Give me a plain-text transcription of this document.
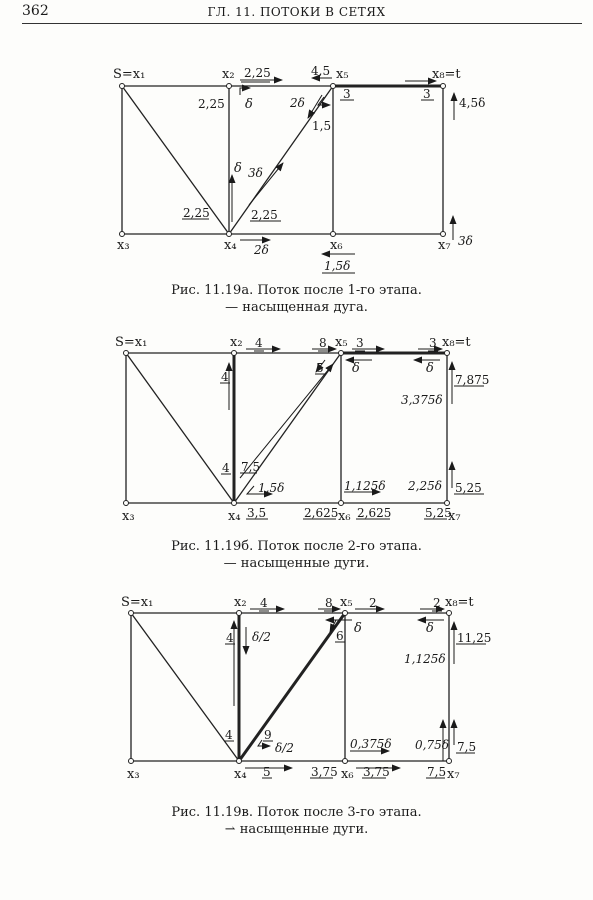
362	ГЛ. 11. ПОТОКИ В СЕТЯХ
S=x₁	x₂	x₅	x₈=t
x₃	x₄	x₆	x₇
2,25	4,5
2,25 δ	2δ
3	3
4,5δ
1,5
δ 3δ
2,25	2,25
2δ
3δ
1,5δ
Рис. 11.19а. Поток после 1-го этапа.
— насыщенная дуга.
S=x₁	x₂	x₅	x₈=t
x₃	x₄	x₆	x₇
4	8 3	3
δ	δ
5
4	7,875
3,375δ
4 7,5
1,5δ	1,125δ 2,25δ 5,25
3,5	2,625 2,625	5,25
Рис. 11.19б. Поток после 2-го этапа.
— насыщенные дуги.
S=x₁	x₂	x₅	x₈=t
x₃	x₄	x₆	x₇
4	8	2	2
δ	δ
4 δ/2	6
1,125δ
11,25
4	9
δ/2	0,375δ 0,75δ 7,5
5	3,75 3,75	7,5
Рис. 11.19в. Поток после 3-го этапа.
⇀ насыщенные дуги.
